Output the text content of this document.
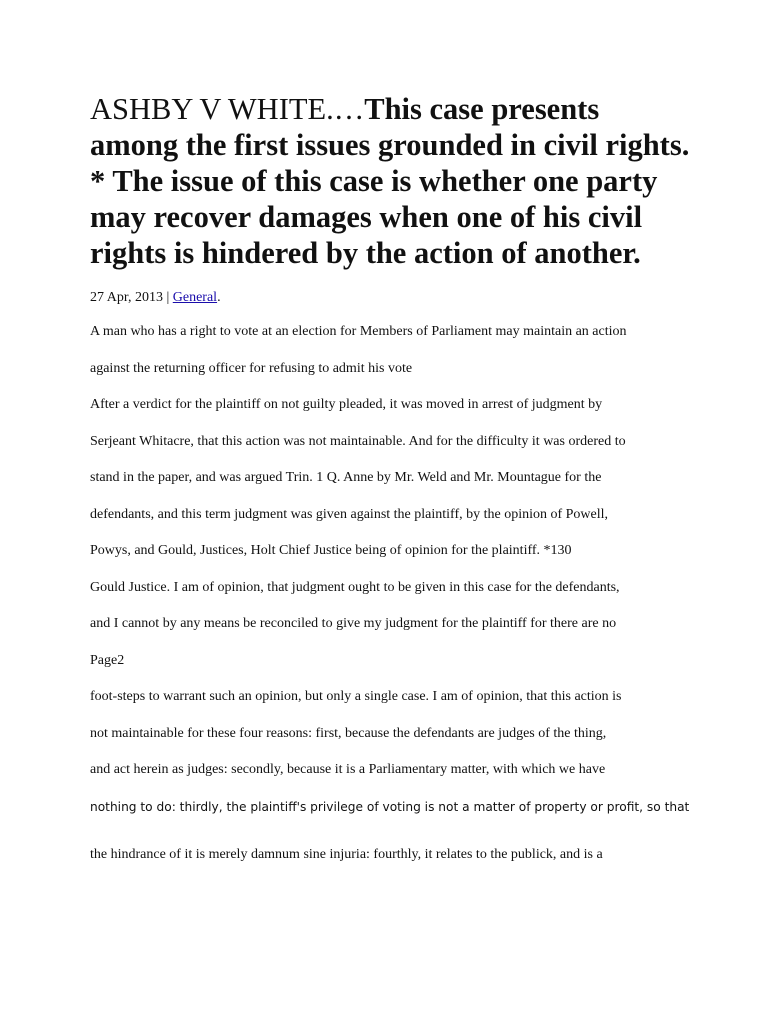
ASHBY V WHITE.…This case presents among the first issues grounded in civil rights. * The issue of this case is whether one party may recover damages when one of his civil rights is hindered by the action of another.
27 Apr, 2013 | General.
A man who has a right to vote at an election for Members of Parliament may maintain an action
against the returning officer for refusing to admit his vote
After a verdict for the plaintiff on not guilty pleaded, it was moved in arrest of judgment by
Serjeant Whitacre, that this action was not maintainable. And for the difficulty it was ordered to
stand in the paper, and was argued Trin. 1 Q. Anne by Mr. Weld and Mr. Mountague for the
defendants, and this term judgment was given against the plaintiff, by the opinion of Powell,
Powys, and Gould, Justices, Holt Chief Justice being of opinion for the plaintiff. *130
Gould Justice. I am of opinion, that judgment ought to be given in this case for the defendants,
and I cannot by any means be reconciled to give my judgment for the plaintiff for there are no
Page2
foot-steps to warrant such an opinion, but only a single case. I am of opinion, that this action is
not maintainable for these four reasons: first, because the defendants are judges of the thing,
and act herein as judges: secondly, because it is a Parliamentary matter, with which we have
nothing to do: thirdly, the plaintiff's privilege of voting is not a matter of property or profit, so that
the hindrance of it is merely damnum sine injuria: fourthly, it relates to the publick, and is a
